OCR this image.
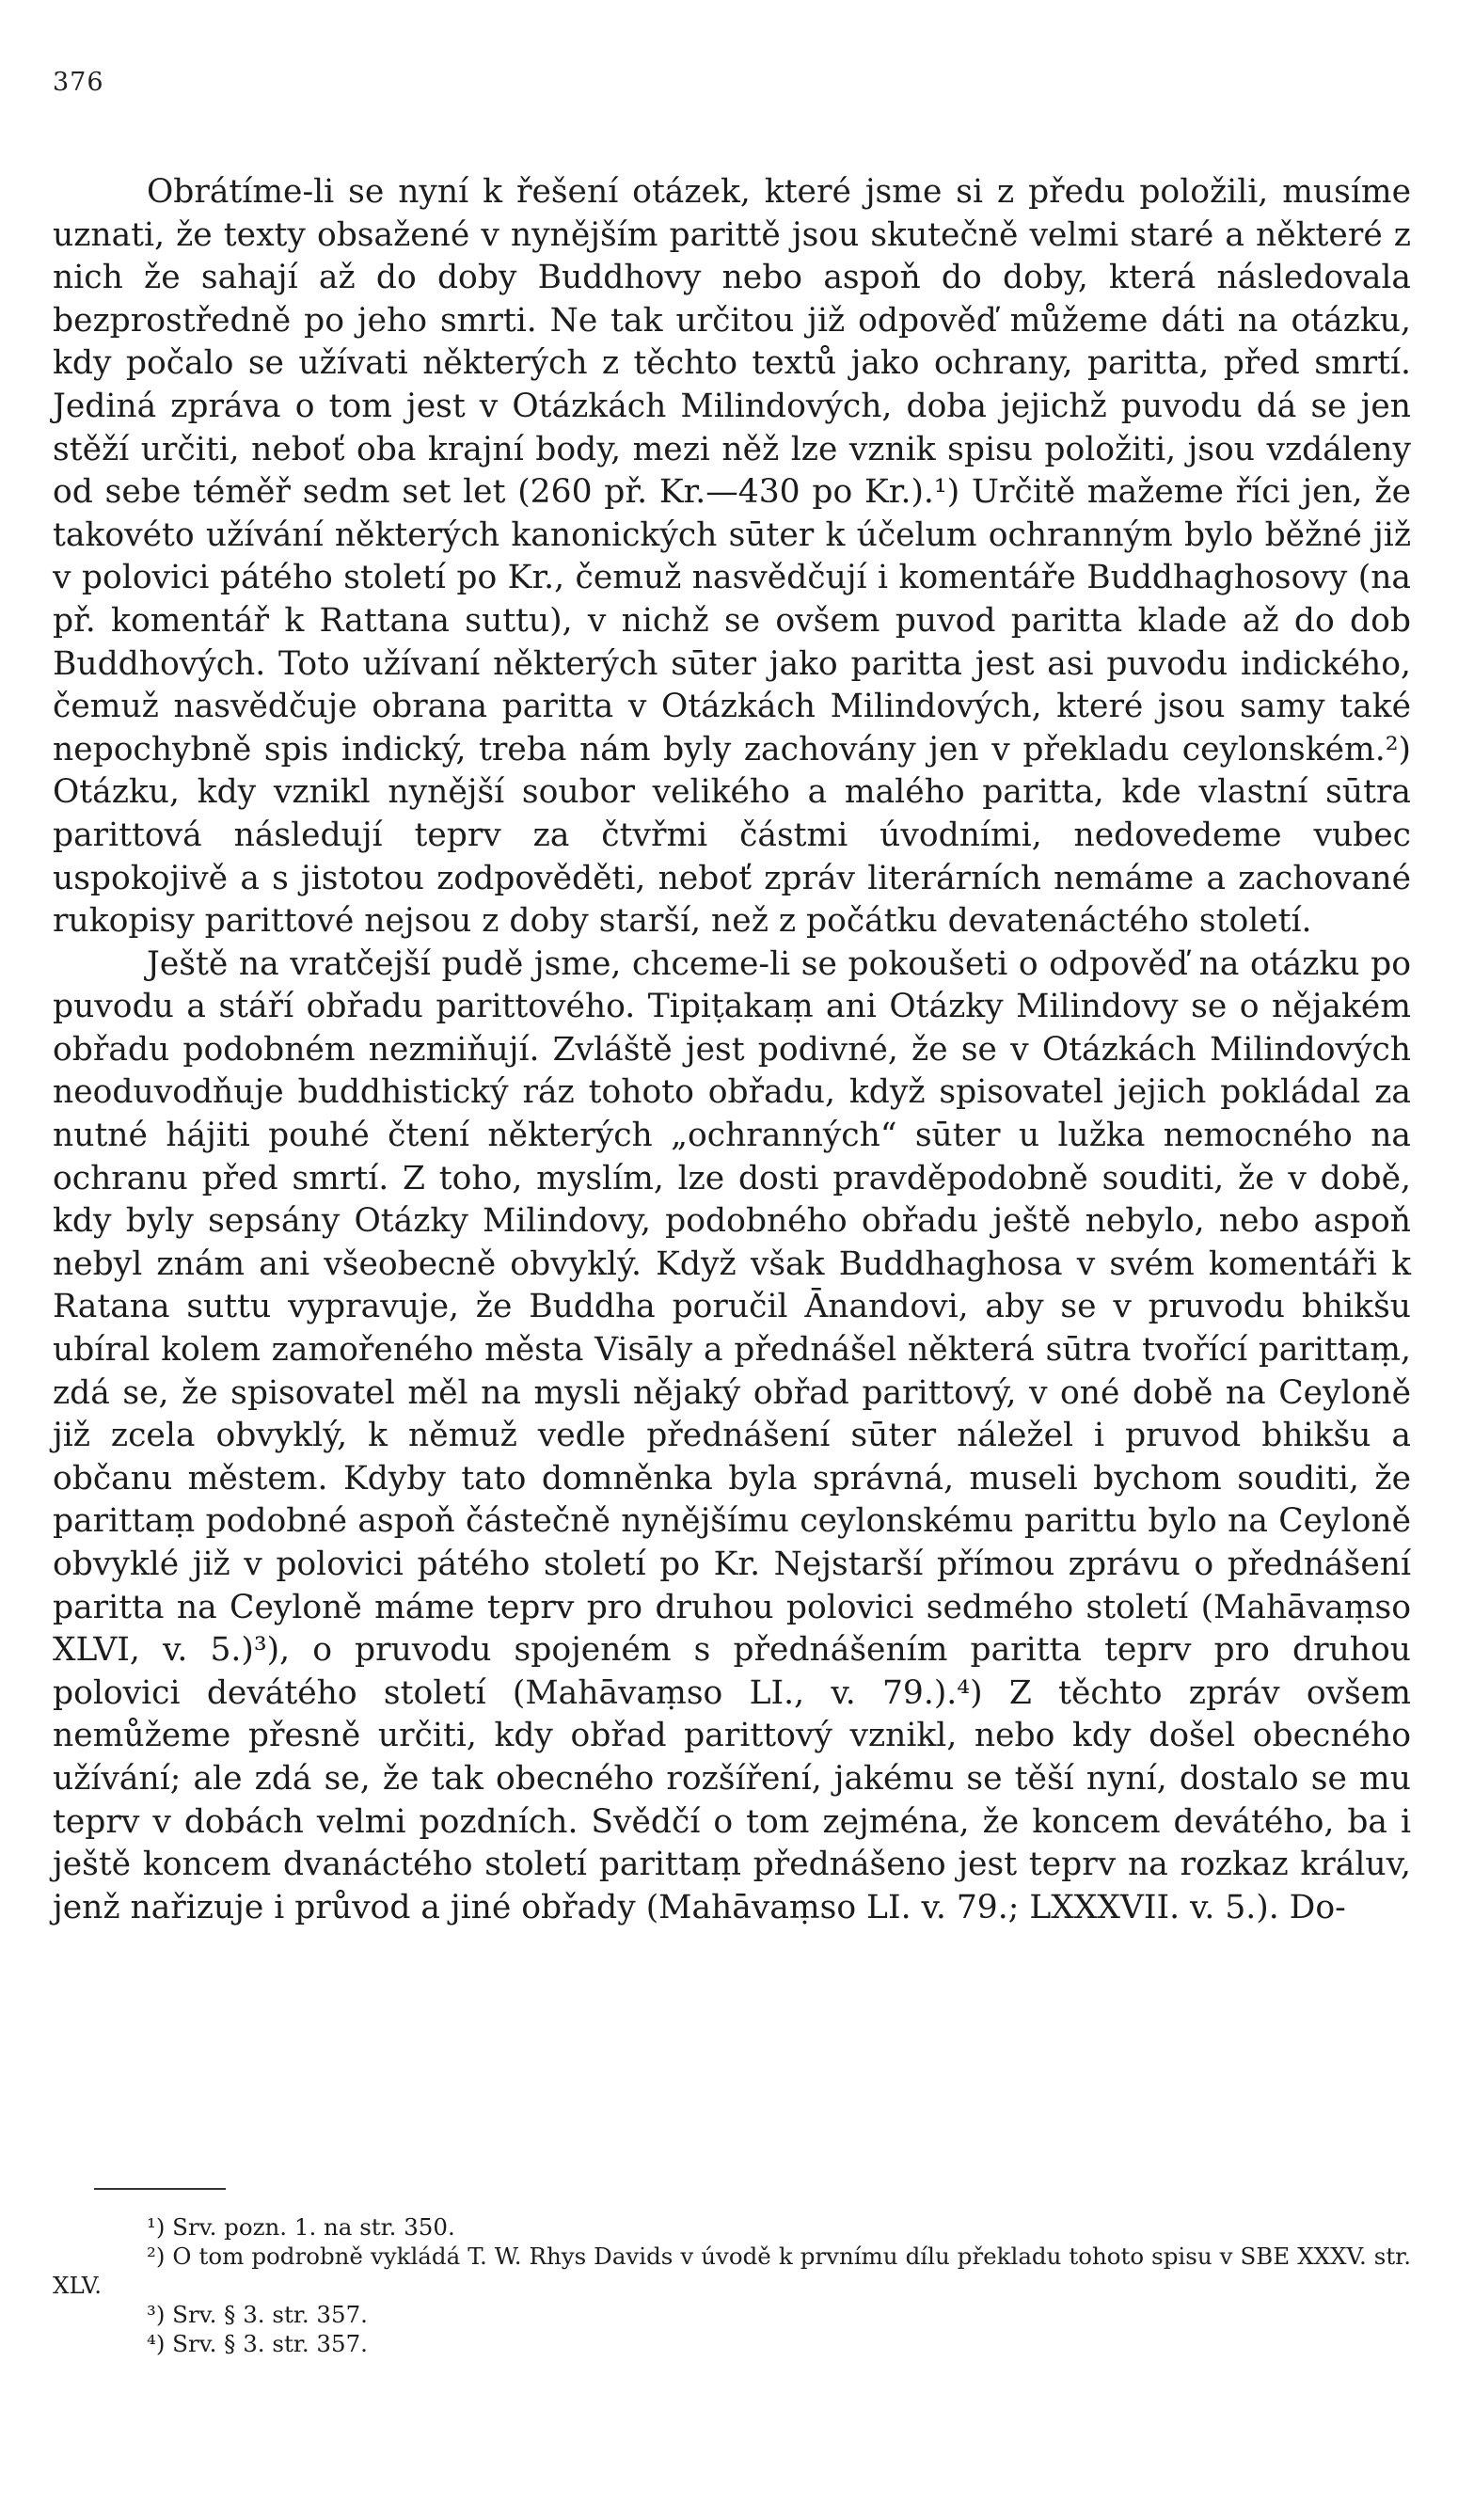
376

Obrátíme-li se nyní k řešení otázek, které jsme si z předu položili, musíme uznati, že texty obsažené v nynějším parittě jsou skutečně velmi staré a některé z nich že sahají až do doby Buddhovy nebo aspoň do doby, která následovala bezprostředně po jeho smrti. Ne tak určitou již odpověď můžeme dáti na otázku, kdy počalo se užívati některých z těchto textů jako ochrany, paritta, před smrtí. Jediná zpráva o tom jest v Otázkách Milindových, doba jejichž puvodu dá se jen stěží určiti, neboť oba krajní body, mezi něž lze vznik spisu položiti, jsou vzdáleny od sebe téměř sedm set let (260 př. Kr.—430 po Kr.).¹) Určitě mažeme říci jen, že takovéto užívání některých kanonických sūter k účelum ochranným bylo běžné již v polovici pátého století po Kr., čemuž nasvědčují i komentáře Buddhaghosovy (na př. komentář k Rattana suttu), v nichž se ovšem puvod paritta klade až do dob Buddhových. Toto užívaní některých sūter jako paritta jest asi puvodu indického, čemuž nasvědčuje obrana paritta v Otázkách Milindových, které jsou samy také nepochybně spis indický, treba nám byly zachovány jen v překladu ceylonském.²) Otázku, kdy vznikl nynější soubor velikého a malého paritta, kde vlastní sūtra parittová následují teprv za čtvřmi částmi úvodními, nedovedeme vubec uspokojivě a s jistotou zodpověděti, neboť zpráv literárních nemáme a zachované rukopisy parittové nejsou z doby starší, než z počátku devatenáctého století.

Ještě na vratčejší pudě jsme, chceme-li se pokoušeti o odpověď na otázku po puvodu a stáří obřadu parittového. Tipiṭakaṃ ani Otázky Milindovy se o nějakém obřadu podobném nezmiňují. Zvláště jest podivné, že se v Otázkách Milindových neoduvodňuje buddhistický ráz tohoto obřadu, když spisovatel jejich pokládal za nutné hájiti pouhé čtení některých „ochranných“ sūter u lužka nemocného na ochranu před smrtí. Z toho, myslím, lze dosti pravděpodobně souditi, že v době, kdy byly sepsány Otázky Milindovy, podobného obřadu ještě nebylo, nebo aspoň nebyl znám ani všeobecně obvyklý. Když však Buddhaghosa v svém komentáři k Ratana suttu vypravuje, že Buddha poručil Ānandovi, aby se v pruvodu bhikšu ubíral kolem zamořeného města Visāly a přednášel některá sūtra tvořící parittaṃ, zdá se, že spisovatel měl na mysli nějaký obřad parittový, v oné době na Ceyloně již zcela obvyklý, k němuž vedle přednášení sūter náležel i pruvod bhikšu a občanu městem. Kdyby tato domněnka byla správná, museli bychom souditi, že parittaṃ podobné aspoň částečně nynějšímu ceylonskému parittu bylo na Ceyloně obvyklé již v polovici pátého století po Kr. Nejstarší přímou zprávu o přednášení paritta na Ceyloně máme teprv pro druhou polovici sedmého století (Mahāvaṃso XLVI, v. 5.)³), o pruvodu spojeném s přednášením paritta teprv pro druhou polovici devátého století (Mahāvaṃso LI., v. 79.).⁴) Z těchto zpráv ovšem nemůžeme přesně určiti, kdy obřad parittový vznikl, nebo kdy došel obecného užívání; ale zdá se, že tak obecného rozšíření, jakému se těší nyní, dostalo se mu teprv v dobách velmi pozdních. Svědčí o tom zejména, že koncem devátého, ba i ještě koncem dvanáctého století parittaṃ přednášeno jest teprv na rozkaz králuv, jenž nařizuje i průvod a jiné obřady (Mahāvaṃso LI. v. 79.; LXXXVII. v. 5.). Do-

¹) Srv. pozn. 1. na str. 350.

²) O tom podrobně vykládá T. W. Rhys Davids v úvodě k prvnímu dílu překladu tohoto spisu v SBE XXXV. str. XLV.

³) Srv. § 3. str. 357.

⁴) Srv. § 3. str. 357.
